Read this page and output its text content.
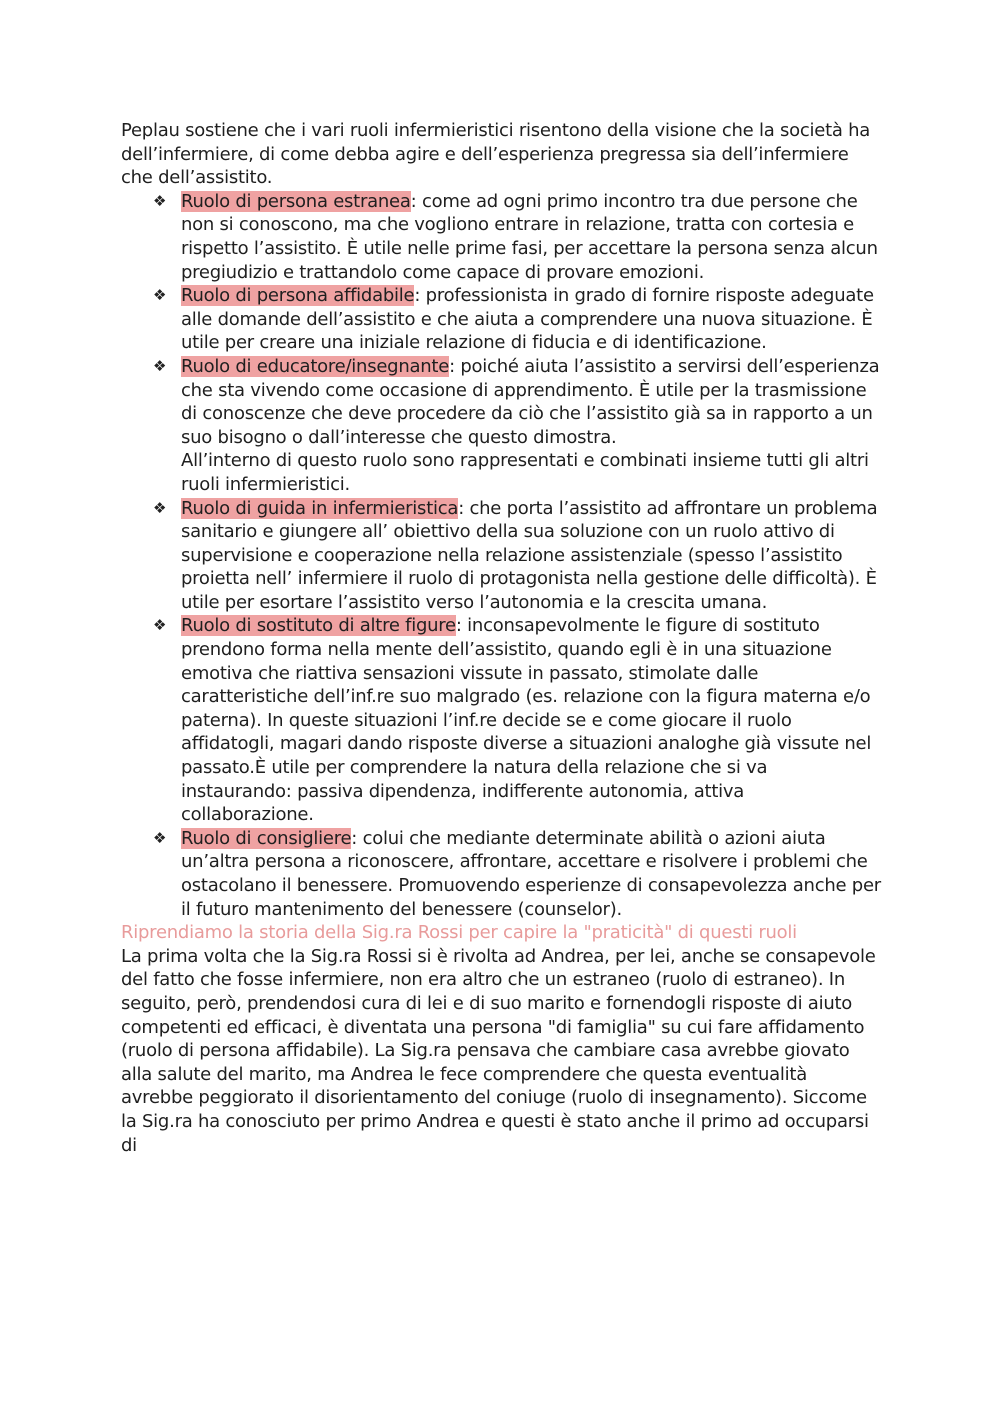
Peplau sostiene che i vari ruoli infermieristici risentono della visione che la società ha dell’infermiere, di come debba agire e dell’esperienza pregressa sia dell’infermiere che dell’assistito.

❖ Ruolo di persona estranea: come ad ogni primo incontro tra due persone che non si conoscono, ma che vogliono entrare in relazione, tratta con cortesia e rispetto l’assistito. È utile nelle prime fasi, per accettare la persona senza alcun pregiudizio e trattandolo come capace di provare emozioni.
❖ Ruolo di persona affidabile: professionista in grado di fornire risposte adeguate alle domande dell’assistito e che aiuta a comprendere una nuova situazione. È utile per creare una iniziale relazione di fiducia e di identificazione.
❖ Ruolo di educatore/insegnante: poiché aiuta l’assistito a servirsi dell’esperienza che sta vivendo come occasione di apprendimento. È utile per la trasmissione di conoscenze che deve procedere da ciò che l’assistito già sa in rapporto a un suo bisogno o dall’interesse che questo dimostra.
All’interno di questo ruolo sono rappresentati e combinati insieme tutti gli altri ruoli infermieristici.
❖ Ruolo di guida in infermieristica: che porta l’assistito ad affrontare un problema sanitario e giungere all’ obiettivo della sua soluzione con un ruolo attivo di supervisione e cooperazione nella relazione assistenziale (spesso l’assistito proietta nell’ infermiere il ruolo di protagonista nella gestione delle difficoltà). È utile per esortare l’assistito verso l’autonomia e la crescita umana.
❖ Ruolo di sostituto di altre figure: inconsapevolmente le figure di sostituto prendono forma nella mente dell’assistito, quando egli è in una situazione emotiva che riattiva sensazioni vissute in passato, stimolate dalle caratteristiche dell’inf.re suo malgrado (es. relazione con la figura materna e/o paterna). In queste situazioni l’inf.re decide se e come giocare il ruolo affidatogli, magari dando risposte diverse a situazioni analoghe già vissute nel passato.È utile per comprendere la natura della relazione che si va instaurando: passiva dipendenza, indifferente autonomia, attiva collaborazione.
❖ Ruolo di consigliere: colui che mediante determinate abilità o azioni aiuta un’altra persona a riconoscere, affrontare, accettare e risolvere i problemi che ostacolano il benessere. Promuovendo esperienze di consapevolezza anche per il futuro mantenimento del benessere (counselor).

Riprendiamo la storia della Sig.ra Rossi per capire la "praticità" di questi ruoli

La prima volta che la Sig.ra Rossi si è rivolta ad Andrea, per lei, anche se consapevole del fatto che fosse infermiere, non era altro che un estraneo (ruolo di estraneo). In seguito, però, prendendosi cura di lei e di suo marito e fornendogli risposte di aiuto competenti ed efficaci, è diventata una persona "di famiglia" su cui fare affidamento (ruolo di persona affidabile). La Sig.ra pensava che cambiare casa avrebbe giovato alla salute del marito, ma Andrea le fece comprendere che questa eventualità avrebbe peggiorato il disorientamento del coniuge (ruolo di insegnamento). Siccome la Sig.ra ha conosciuto per primo Andrea e questi è stato anche il primo ad occuparsi di
